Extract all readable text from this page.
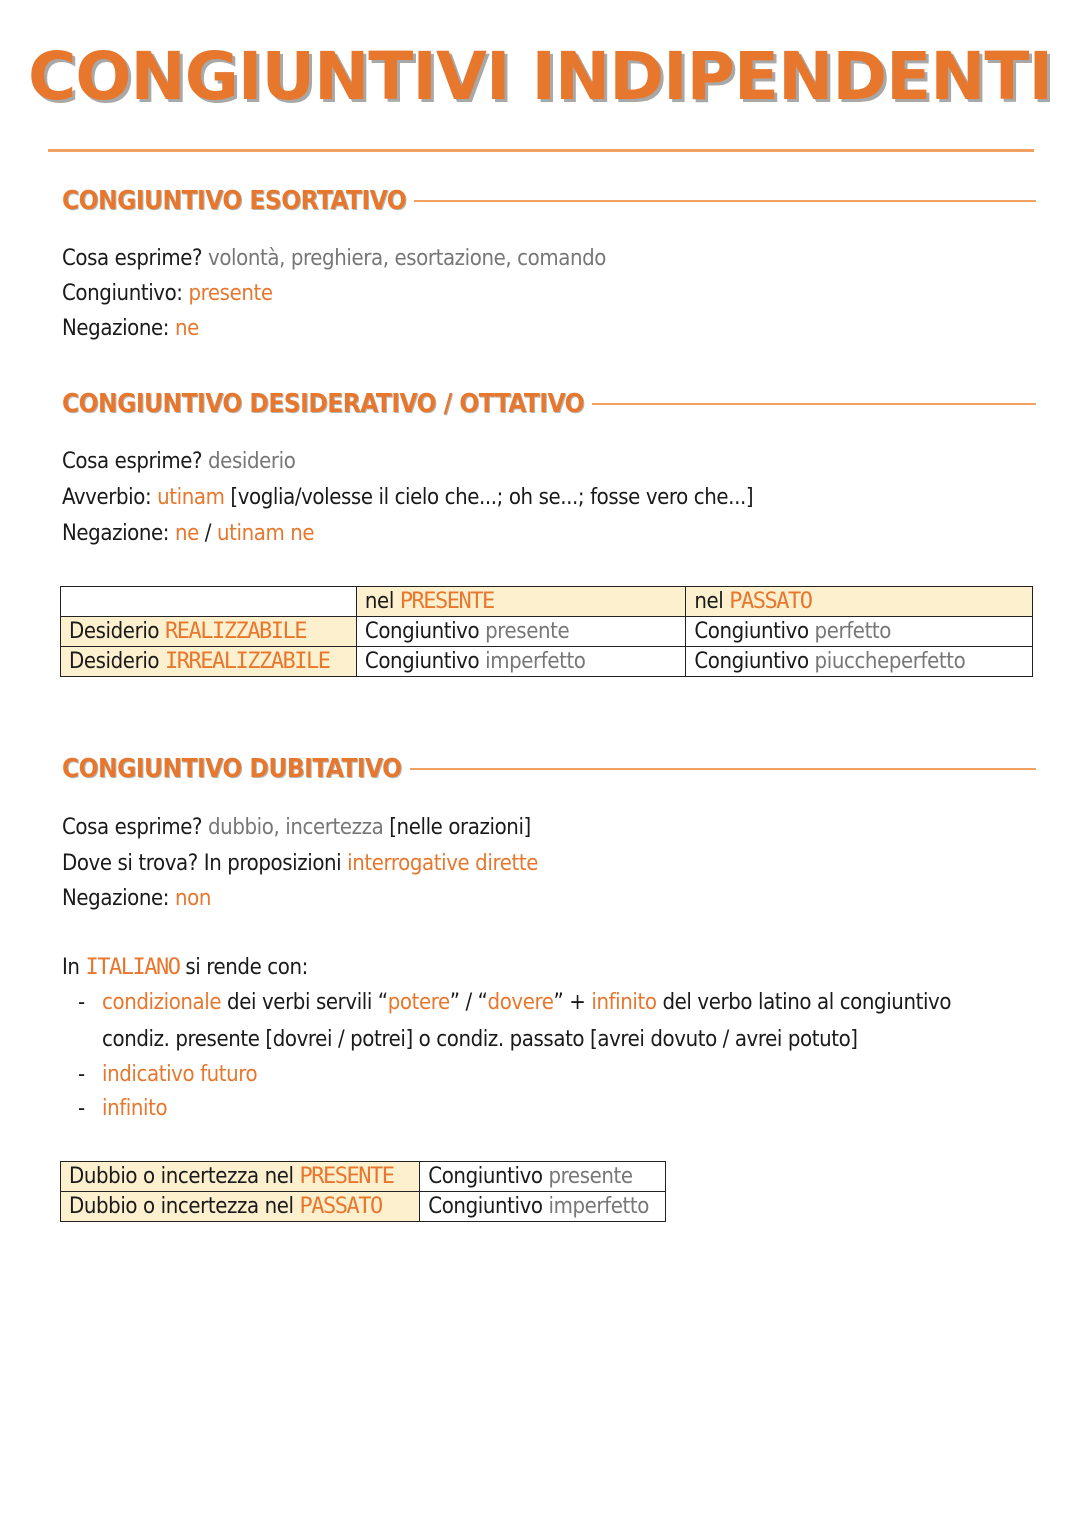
CONGIUNTIVI INDIPENDENTI
CONGIUNTIVO ESORTATIVO
Cosa esprime? volontà, preghiera, esortazione, comando
Congiuntivo: presente
Negazione: ne
CONGIUNTIVO DESIDERATIVO / OTTATIVO
Cosa esprime? desiderio
Avverbio: utinam [voglia/volesse il cielo che...; oh se...; fosse vero che...]
Negazione: ne / utinam ne
	nel PRESENTE	nel PASSATO
Desiderio REALIZZABILE	Congiuntivo presente	Congiuntivo perfetto
Desiderio IRREALIZZABILE	Congiuntivo imperfetto	Congiuntivo piuccheperfetto
CONGIUNTIVO DUBITATIVO
Cosa esprime? dubbio, incertezza [nelle orazioni]
Dove si trova? In proposizioni interrogative dirette
Negazione: non
In ITALIANO si rende con:
- condizionale dei verbi servili “potere” / “dovere” + infinito del verbo latino al congiuntivo
condiz. presente [dovrei / potrei] o condiz. passato [avrei dovuto / avrei potuto]
- indicativo futuro
- infinito
Dubbio o incertezza nel PRESENTE	Congiuntivo presente
Dubbio o incertezza nel PASSATO	Congiuntivo imperfetto
